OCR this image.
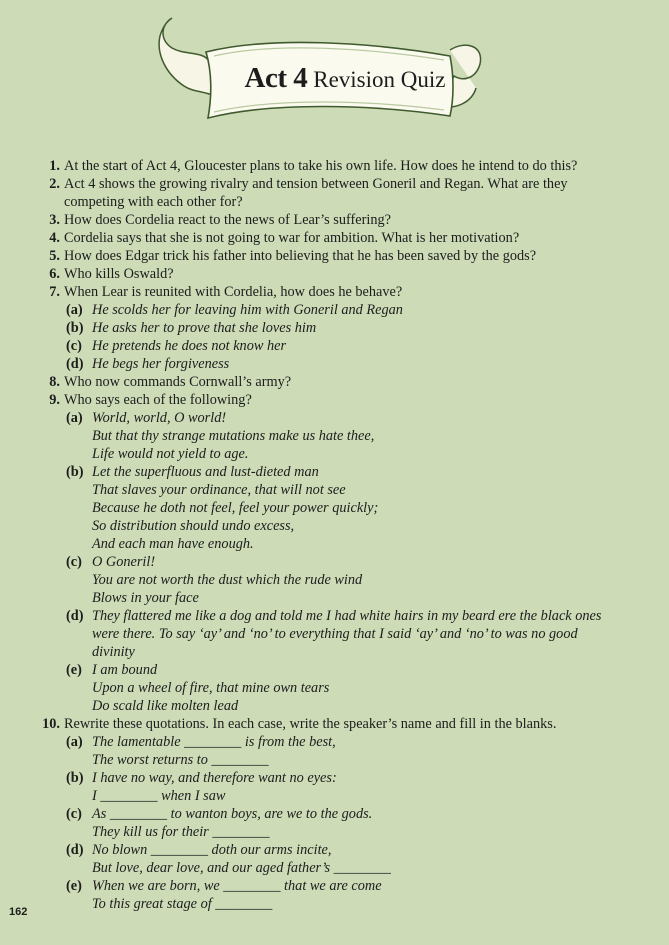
Act 4 Revision Quiz
1. At the start of Act 4, Gloucester plans to take his own life. How does he intend to do this?
2. Act 4 shows the growing rivalry and tension between Goneril and Regan. What are they
competing with each other for?
3. How does Cordelia react to the news of Lear’s suffering?
4. Cordelia says that she is not going to war for ambition. What is her motivation?
5. How does Edgar trick his father into believing that he has been saved by the gods?
6. Who kills Oswald?
7. When Lear is reunited with Cordelia, how does he behave?
(a) He scolds her for leaving him with Goneril and Regan
(b) He asks her to prove that she loves him
(c) He pretends he does not know her
(d) He begs her forgiveness
8. Who now commands Cornwall’s army?
9. Who says each of the following?
(a) World, world, O world!
But that thy strange mutations make us hate thee,
Life would not yield to age.
(b) Let the superfluous and lust-dieted man
That slaves your ordinance, that will not see
Because he doth not feel, feel your power quickly;
So distribution should undo excess,
And each man have enough.
(c) O Goneril!
You are not worth the dust which the rude wind
Blows in your face
(d) They flattered me like a dog and told me I had white hairs in my beard ere the black ones
were there. To say ‘ay’ and ‘no’ to everything that I said ‘ay’ and ‘no’ to was no good
divinity
(e) I am bound
Upon a wheel of fire, that mine own tears
Do scald like molten lead
10. Rewrite these quotations. In each case, write the speaker’s name and fill in the blanks.
(a) The lamentable ________ is from the best,
The worst returns to ________
(b) I have no way, and therefore want no eyes:
I ________ when I saw
(c) As ________ to wanton boys, are we to the gods.
They kill us for their ________
(d) No blown ________ doth our arms incite,
But love, dear love, and our aged father’s ________
(e) When we are born, we ________ that we are come
To this great stage of ________
162
